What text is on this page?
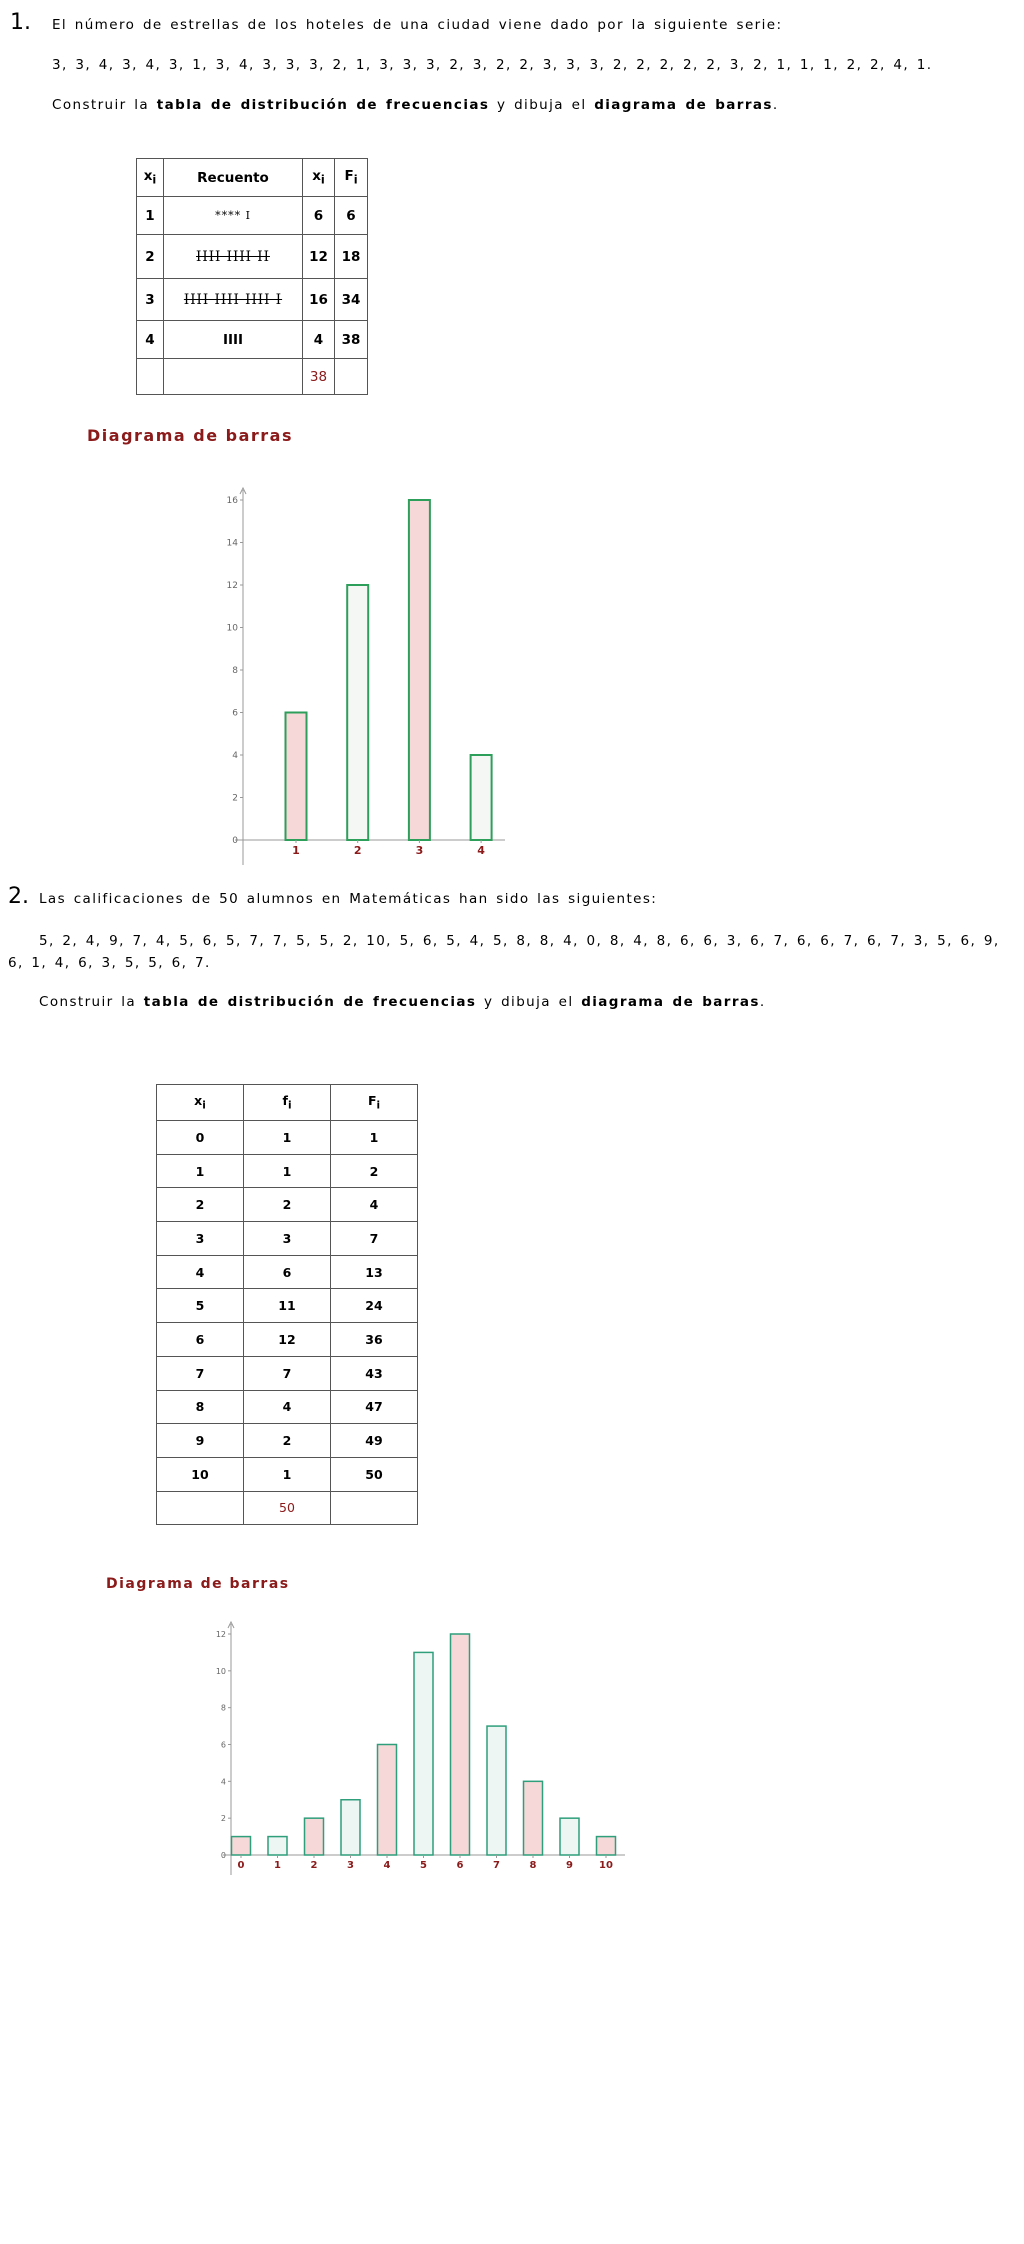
1. El número de estrellas de los hoteles de una ciudad viene dado por la siguiente serie:
3, 3, 4, 3, 4, 3, 1, 3, 4, 3, 3, 3, 2, 1, 3, 3, 3, 2, 3, 2, 2, 3, 3, 3, 2, 2, 2, 2, 2, 3, 2, 1, 1, 1, 2, 2, 4, 1.
Construir la tabla de distribución de frecuencias y dibuja el diagrama de barras.
$x_i$	Recuento	$x_i$	$F_i$
1	**** I	6	6
2	IIII IIII II	12	18
3	IIII IIII IIII I	16	34
4	IIII	4	38
		38	
Diagrama de barras
0
2
4
6
8
10
12
14
16
1	2	3	4
2. Las calificaciones de 50 alumnos en Matemáticas han sido las siguientes:
5, 2, 4, 9, 7, 4, 5, 6, 5, 7, 7, 5, 5, 2, 10, 5, 6, 5, 4, 5, 8, 8, 4, 0, 8, 4, 8, 6, 6, 3, 6, 7, 6, 6, 7, 6, 7, 3, 5, 6, 9, 6, 1, 4, 6, 3, 5, 5, 6, 7.
Construir la tabla de distribución de frecuencias y dibuja el diagrama de barras.
$x_i$	$f_i$	$F_i$
0	1	1
1	1	2
2	2	4
3	3	7
4	6	13
5	11	24
6	12	36
7	7	43
8	4	47
9	2	49
10	1	50
	50	
Diagrama de barras
0
2
4
6
8
10
12
0	1	2	3	4	5	6	7	8	9	10
